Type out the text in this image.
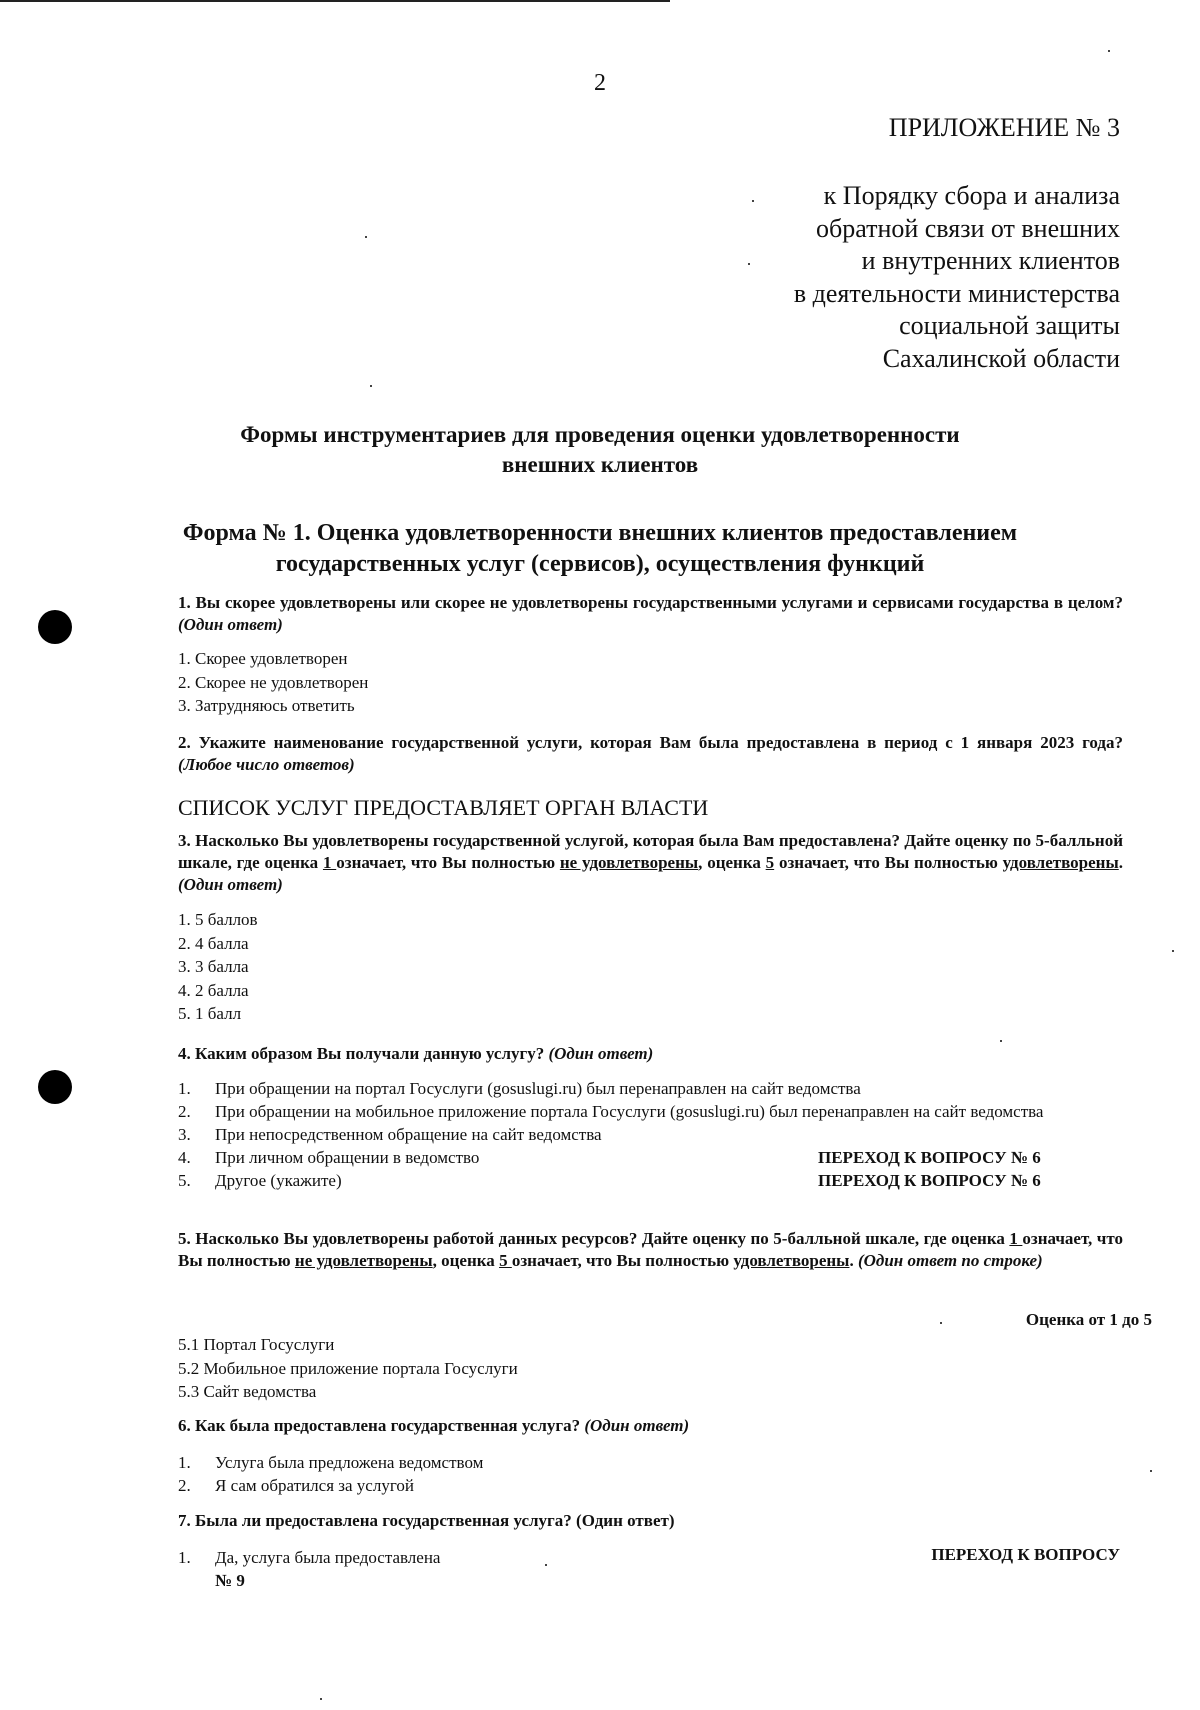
2
ПРИЛОЖЕНИЕ № 3
к Порядку сбора и анализа
обратной связи от внешних
и внутренних клиентов
в деятельности министерства
социальной защиты
Сахалинской области
Формы инструментариев для проведения оценки удовлетворенности
внешних клиентов
Форма № 1. Оценка удовлетворенности внешних клиентов предоставлением
государственных услуг (сервисов), осуществления функций
1. Вы скорее удовлетворены или скорее не удовлетворены государственными услугами и сервисами государства в целом? (Один ответ)
1. Скорее удовлетворен
2. Скорее не удовлетворен
3. Затрудняюсь ответить
2. Укажите наименование государственной услуги, которая Вам была предоставлена в период с 1 января 2023 года? (Любое число ответов)
СПИСОК УСЛУГ ПРЕДОСТАВЛЯЕТ ОРГАН ВЛАСТИ
3. Насколько Вы удовлетворены государственной услугой, которая была Вам предоставлена? Дайте оценку по 5-балльной шкале, где оценка 1 означает, что Вы полностью не удовлетворены, оценка 5 означает, что Вы полностью удовлетворены. (Один ответ)
1. 5 баллов
2. 4 балла
3. 3 балла
4. 2 балла
5. 1 балл
4. Каким образом Вы получали данную услугу? (Один ответ)
1. При обращении на портал Госуслуги (gosuslugi.ru) был перенаправлен на сайт ведомства
2. При обращении на мобильное приложение портала Госуслуги (gosuslugi.ru) был перенаправлен на сайт ведомства
3. При непосредственном обращение на сайт ведомства
4. При личном обращении в ведомство	ПЕРЕХОД К ВОПРОСУ № 6
5. Другое (укажите)	ПЕРЕХОД К ВОПРОСУ № 6
5. Насколько Вы удовлетворены работой данных ресурсов? Дайте оценку по 5-балльной шкале, где оценка 1 означает, что Вы полностью не удовлетворены, оценка 5 означает, что Вы полностью удовлетворены. (Один ответ по строке)
Оценка от 1 до 5
5.1 Портал Госуслуги
5.2 Мобильное приложение портала Госуслуги
5.3 Сайт ведомства
6. Как была предоставлена государственная услуга? (Один ответ)
1. Услуга была предложена ведомством
2. Я сам обратился за услугой
7. Была ли предоставлена государственная услуга? (Один ответ)
1. Да, услуга была предоставлена
№ 9
ПЕРЕХОД К ВОПРОСУ
